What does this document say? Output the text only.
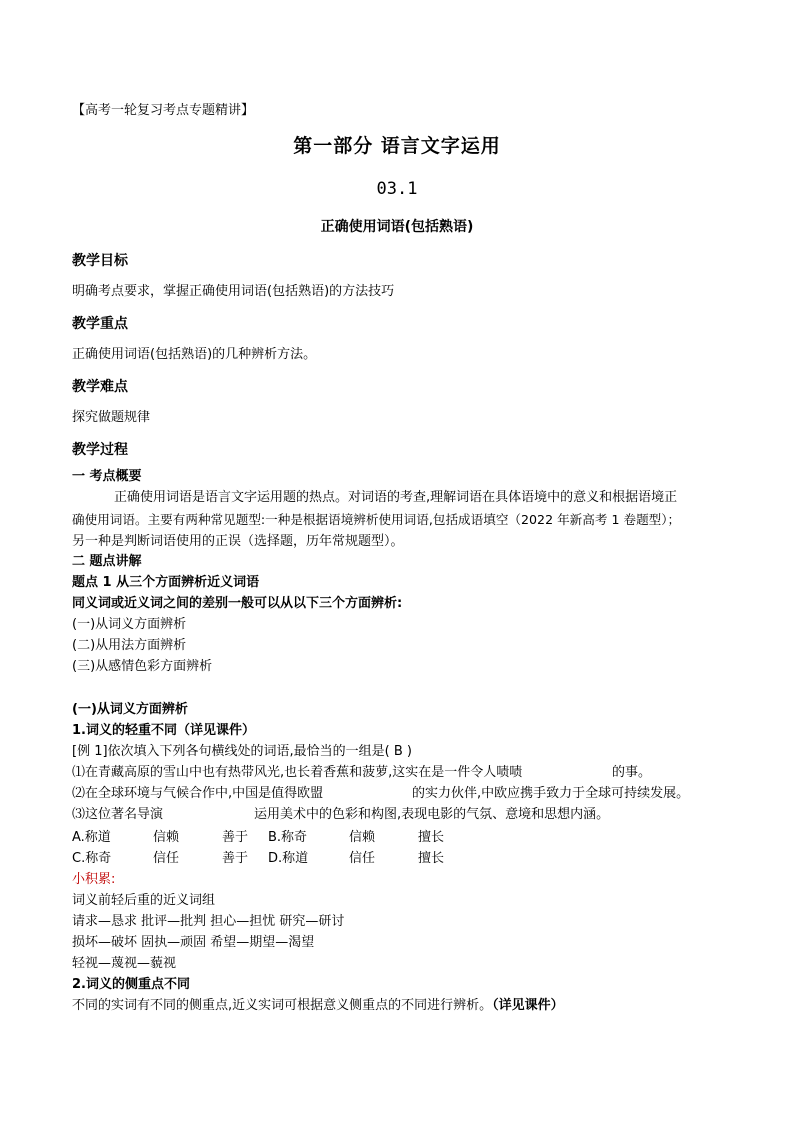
【高考一轮复习考点专题精讲】
第一部分 语言文字运用
03.1
正确使用词语(包括熟语)
教学目标
明确考点要求，掌握正确使用词语(包括熟语)的方法技巧
教学重点
正确使用词语(包括熟语)的几种辨析方法。
教学难点
探究做题规律
教学过程
一 考点概要
正确使用词语是语言文字运用题的热点。对词语的考查,理解词语在具体语境中的意义和根据语境正
确使用词语。主要有两种常见题型:一种是根据语境辨析使用词语,包括成语填空（2022 年新高考 1 卷题型）；
另一种是判断词语使用的正误（选择题，历年常规题型）。
二 题点讲解
题点 1 从三个方面辨析近义词语
同义词或近义词之间的差别一般可以从以下三个方面辨析:
(一)从词义方面辨析
(二)从用法方面辨析
(三)从感情色彩方面辨析
(一)从词义方面辨析
1.词义的轻重不同（详见课件）
[例 1]依次填入下列各句横线处的词语,最恰当的一组是( B )
⑴在青藏高原的雪山中也有热带风光,也长着香蕉和菠萝,这实在是一件令人啧啧	的事。
⑵在全球环境与气候合作中,中国是值得欧盟	的实力伙伴,中欧应携手致力于全球可持续发展。
⑶这位著名导演	运用美术中的色彩和构图,表现电影的气氛、意境和思想内涵。
A.称道	信赖	善于 B.称奇	信赖	擅长
C.称奇	信任	善于 D.称道	信任	擅长
小积累:
词义前轻后重的近义词组
请求—恳求 批评—批判 担心—担忧 研究—研讨
损坏—破坏 固执—顽固 希望—期望—渴望
轻视—蔑视—藐视
2.词义的侧重点不同
不同的实词有不同的侧重点,近义实词可根据意义侧重点的不同进行辨析。（详见课件）
